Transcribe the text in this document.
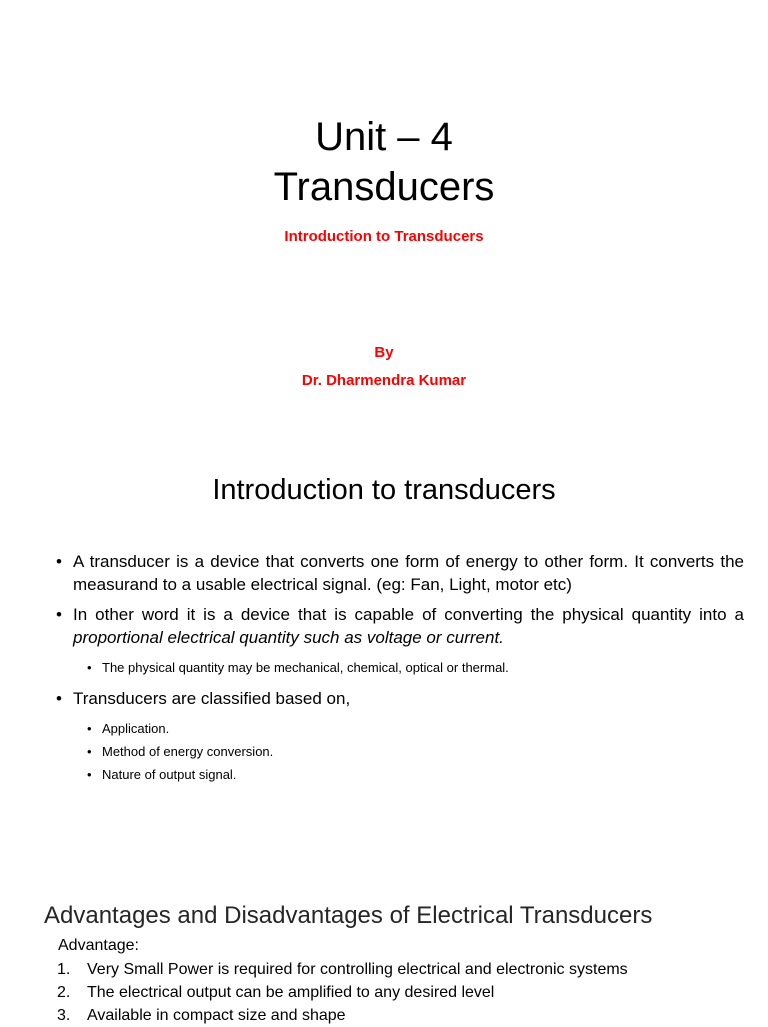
Unit – 4
Transducers
Introduction to Transducers
By
Dr. Dharmendra Kumar
Introduction to transducers
• A transducer is a device that converts one form of energy to other form. It converts the measurand to a usable electrical signal. (eg: Fan, Light, motor etc)
• In other word it is a device that is capable of converting the physical quantity into a proportional electrical quantity such as voltage or current.
• The physical quantity may be mechanical, chemical, optical or thermal.
• Transducers are classified based on,
• Application.
• Method of energy conversion.
• Nature of output signal.
Advantages and Disadvantages of Electrical Transducers
Advantage:
1. Very Small Power is required for controlling electrical and electronic systems
2. The electrical output can be amplified to any desired level
3. Available in compact size and shape
